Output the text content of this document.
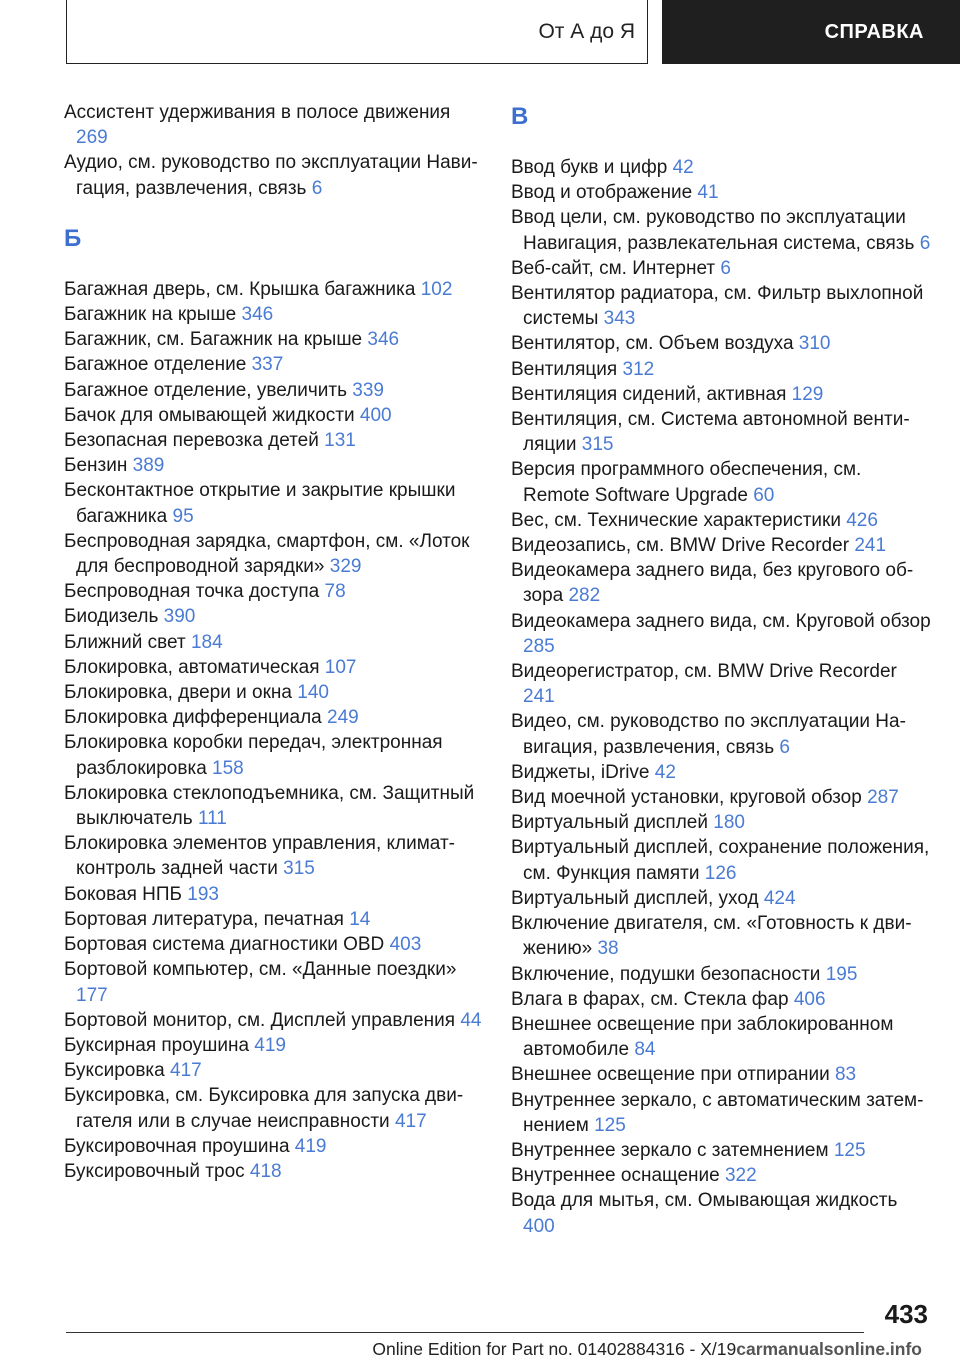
От А до Я	СПРАВКА
Ассистент удерживания в полосе движения 269
Аудио, см. руководство по эксплуатации Навигация, развлечения, связь 6
Б
Багажная дверь, см. Крышка багажника 102
Багажник на крыше 346
Багажник, см. Багажник на крыше 346
Багажное отделение 337
Багажное отделение, увеличить 339
Бачок для омывающей жидкости 400
Безопасная перевозка детей 131
Бензин 389
Бесконтактное открытие и закрытие крышки багажника 95
Беспроводная зарядка, смартфон, см. «Лоток для беспроводной зарядки» 329
Беспроводная точка доступа 78
Биодизель 390
Ближний свет 184
Блокировка, автоматическая 107
Блокировка, двери и окна 140
Блокировка дифференциала 249
Блокировка коробки передач, электронная разблокировка 158
Блокировка стеклоподъемника, см. Защитный выключатель 111
Блокировка элементов управления, климат-контроль задней части 315
Боковая НПБ 193
Бортовая литература, печатная 14
Бортовая система диагностики OBD 403
Бортовой компьютер, см. «Данные поездки» 177
Бортовой монитор, см. Дисплей управления 44
Буксирная проушина 419
Буксировка 417
Буксировка, см. Буксировка для запуска двигателя или в случае неисправности 417
Буксировочная проушина 419
Буксировочный трос 418
В
Ввод букв и цифр 42
Ввод и отображение 41
Ввод цели, см. руководство по эксплуатации Навигация, развлекательная система, связь 6
Веб-сайт, см. Интернет 6
Вентилятор радиатора, см. Фильтр выхлопной системы 343
Вентилятор, см. Объем воздуха 310
Вентиляция 312
Вентиляция сидений, активная 129
Вентиляция, см. Система автономной вентиляции 315
Версия программного обеспечения, см. Remote Software Upgrade 60
Вес, см. Технические характеристики 426
Видеозапись, см. BMW Drive Recorder 241
Видеокамера заднего вида, без кругового обзора 282
Видеокамера заднего вида, см. Круговой обзор 285
Видеорегистратор, см. BMW Drive Recorder 241
Видео, см. руководство по эксплуатации Навигация, развлечения, связь 6
Виджеты, iDrive 42
Вид моечной установки, круговой обзор 287
Виртуальный дисплей 180
Виртуальный дисплей, сохранение положения, см. Функция памяти 126
Виртуальный дисплей, уход 424
Включение двигателя, см. «Готовность к движению» 38
Включение, подушки безопасности 195
Влага в фарах, см. Стекла фар 406
Внешнее освещение при заблокированном автомобиле 84
Внешнее освещение при отпирании 83
Внутреннее зеркало, с автоматическим затемнением 125
Внутреннее зеркало с затемнением 125
Внутреннее оснащение 322
Вода для мытья, см. Омывающая жидкость 400
433
Online Edition for Part no. 01402884316 - X/19carmanualsonline.info
